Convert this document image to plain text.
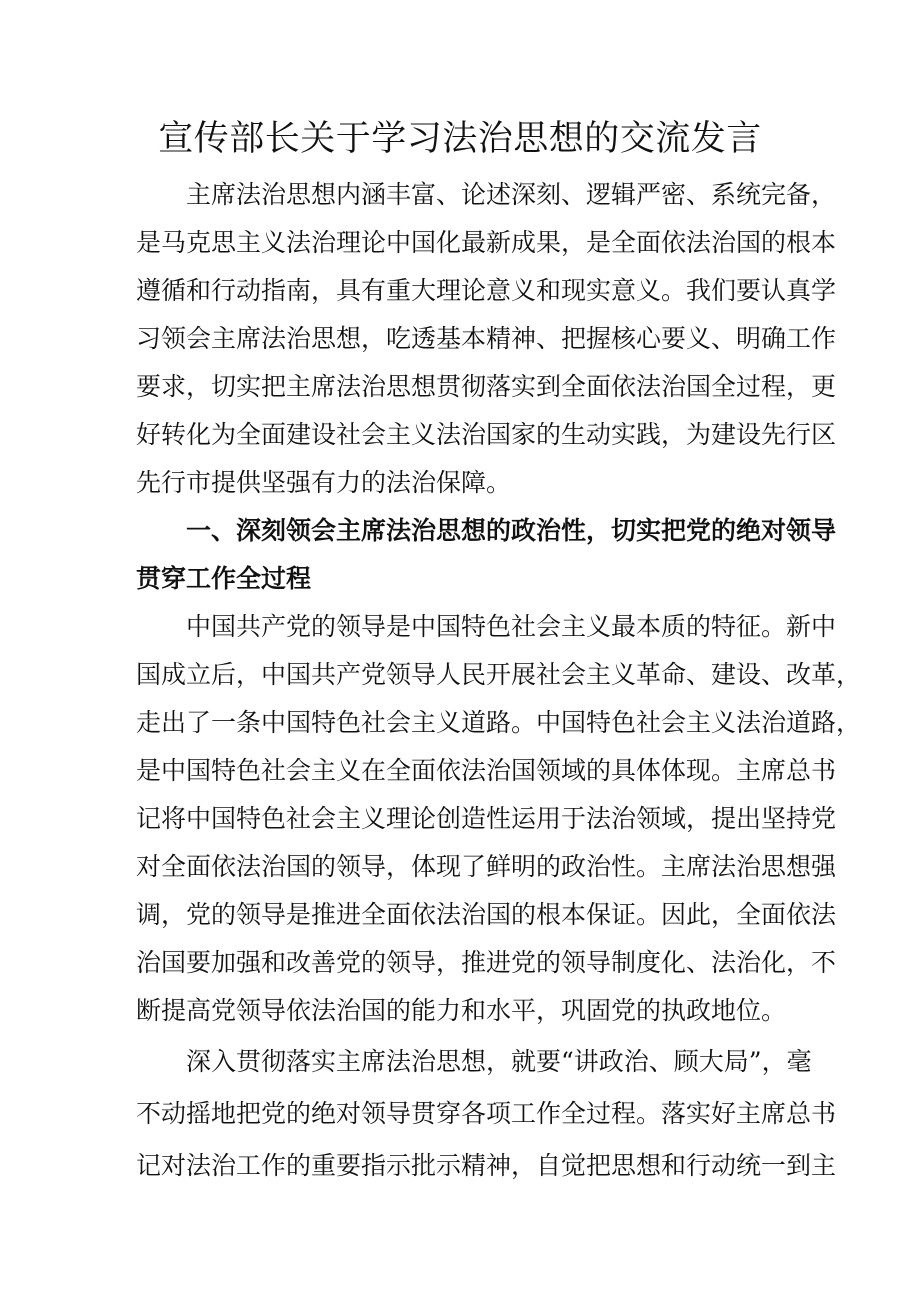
宣传部长关于学习法治思想的交流发言
主席法治思想内涵丰富、论述深刻、逻辑严密、系统完备，
是马克思主义法治理论中国化最新成果，是全面依法治国的根本
遵循和行动指南，具有重大理论意义和现实意义。我们要认真学
习领会主席法治思想，吃透基本精神、把握核心要义、明确工作
要求，切实把主席法治思想贯彻落实到全面依法治国全过程，更
好转化为全面建设社会主义法治国家的生动实践，为建设先行区
先行市提供坚强有力的法治保障。
一、深刻领会主席法治思想的政治性，切实把党的绝对领导
贯穿工作全过程
中国共产党的领导是中国特色社会主义最本质的特征。新中
国成立后，中国共产党领导人民开展社会主义革命、建设、改革，
走出了一条中国特色社会主义道路。中国特色社会主义法治道路，
是中国特色社会主义在全面依法治国领域的具体体现。主席总书
记将中国特色社会主义理论创造性运用于法治领域，提出坚持党
对全面依法治国的领导，体现了鲜明的政治性。主席法治思想强
调，党的领导是推进全面依法治国的根本保证。因此，全面依法
治国要加强和改善党的领导，推进党的领导制度化、法治化，不
断提高党领导依法治国的能力和水平，巩固党的执政地位。
深入贯彻落实主席法治思想，就要“讲政治、顾大局”，毫
不动摇地把党的绝对领导贯穿各项工作全过程。落实好主席总书
记对法治工作的重要指示批示精神，自觉把思想和行动统一到主
